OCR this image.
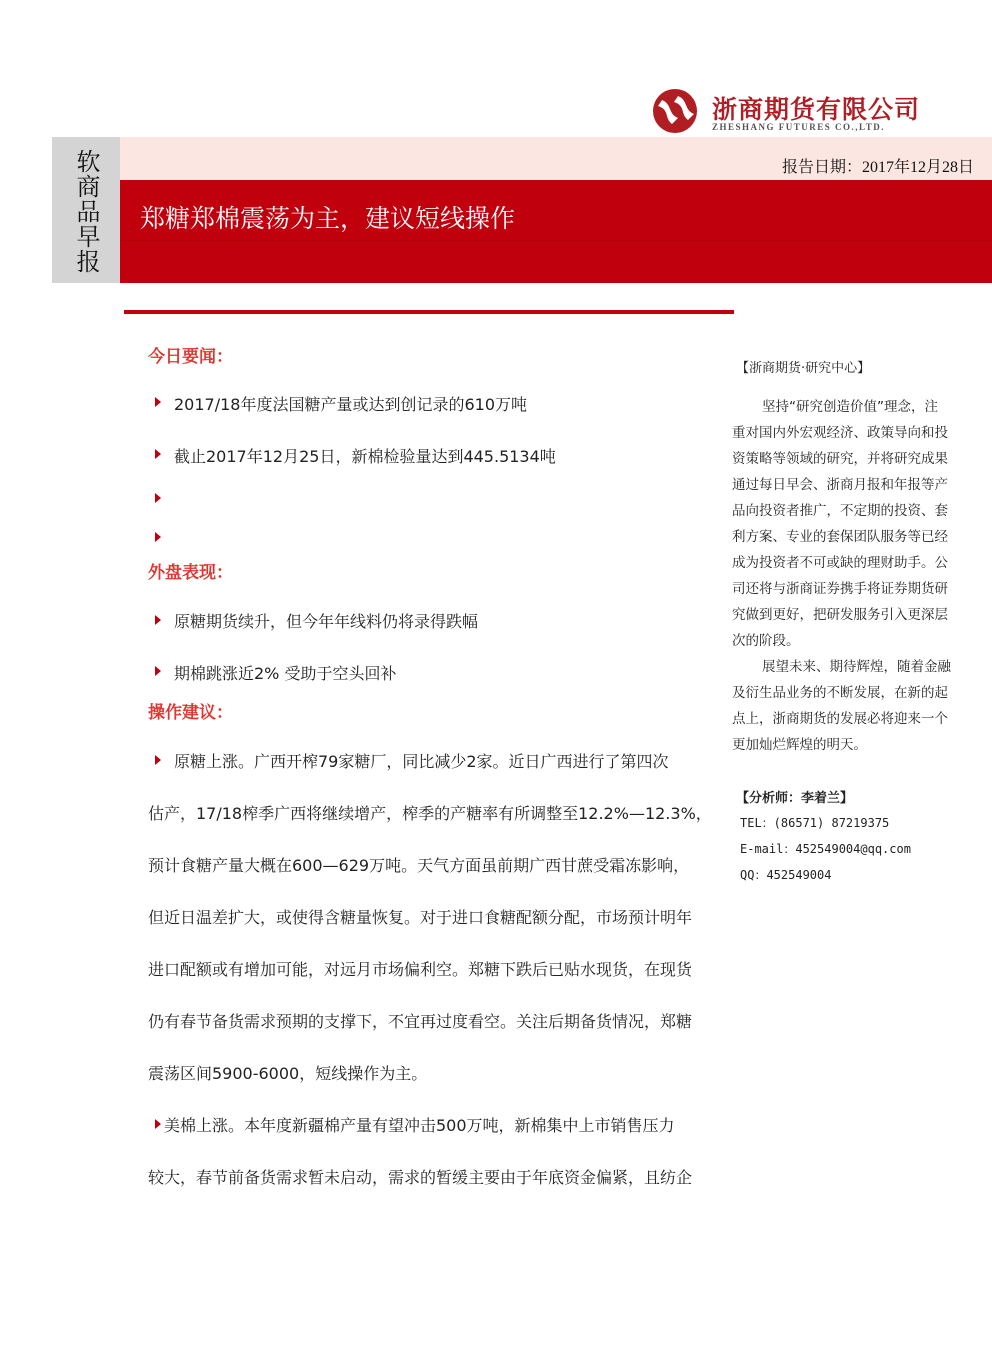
浙商期货有限公司
ZHESHANG FUTURES CO.,LTD.
软商品早报	报告日期：2017年12月28日
郑糖郑棉震荡为主，建议短线操作
今日要闻：
2017/18年度法国糖产量或达到创记录的610万吨
截止2017年12月25日，新棉检验量达到445.5134吨
外盘表现：
原糖期货续升，但今年年线料仍将录得跌幅
期棉跳涨近2% 受助于空头回补
操作建议：
原糖上涨。广西开榨79家糖厂，同比减少2家。近日广西进行了第四次
估产，17/18榨季广西将继续增产，榨季的产糖率有所调整至12.2%—12.3%，
预计食糖产量大概在600—629万吨。天气方面虽前期广西甘蔗受霜冻影响，
但近日温差扩大，或使得含糖量恢复。对于进口食糖配额分配，市场预计明年
进口配额或有增加可能，对远月市场偏利空。郑糖下跌后已贴水现货，在现货
仍有春节备货需求预期的支撑下，不宜再过度看空。关注后期备货情况，郑糖
震荡区间5900-6000，短线操作为主。
美棉上涨。本年度新疆棉产量有望冲击500万吨，新棉集中上市销售压力
较大，春节前备货需求暂未启动，需求的暂缓主要由于年底资金偏紧，且纺企
【浙商期货·研究中心】
坚持“研究创造价值”理念，注
重对国内外宏观经济、政策导向和投
资策略等领域的研究，并将研究成果
通过每日早会、浙商月报和年报等产
品向投资者推广，不定期的投资、套
利方案、专业的套保团队服务等已经
成为投资者不可或缺的理财助手。公
司还将与浙商证券携手将证券期货研
究做到更好，把研发服务引入更深层
次的阶段。
展望未来、期待辉煌，随着金融
及衍生品业务的不断发展，在新的起
点上，浙商期货的发展必将迎来一个
更加灿烂辉煌的明天。
【分析师：李着兰】
TEL：(86571) 87219375
E-mail：452549004@qq.com
QQ：452549004
